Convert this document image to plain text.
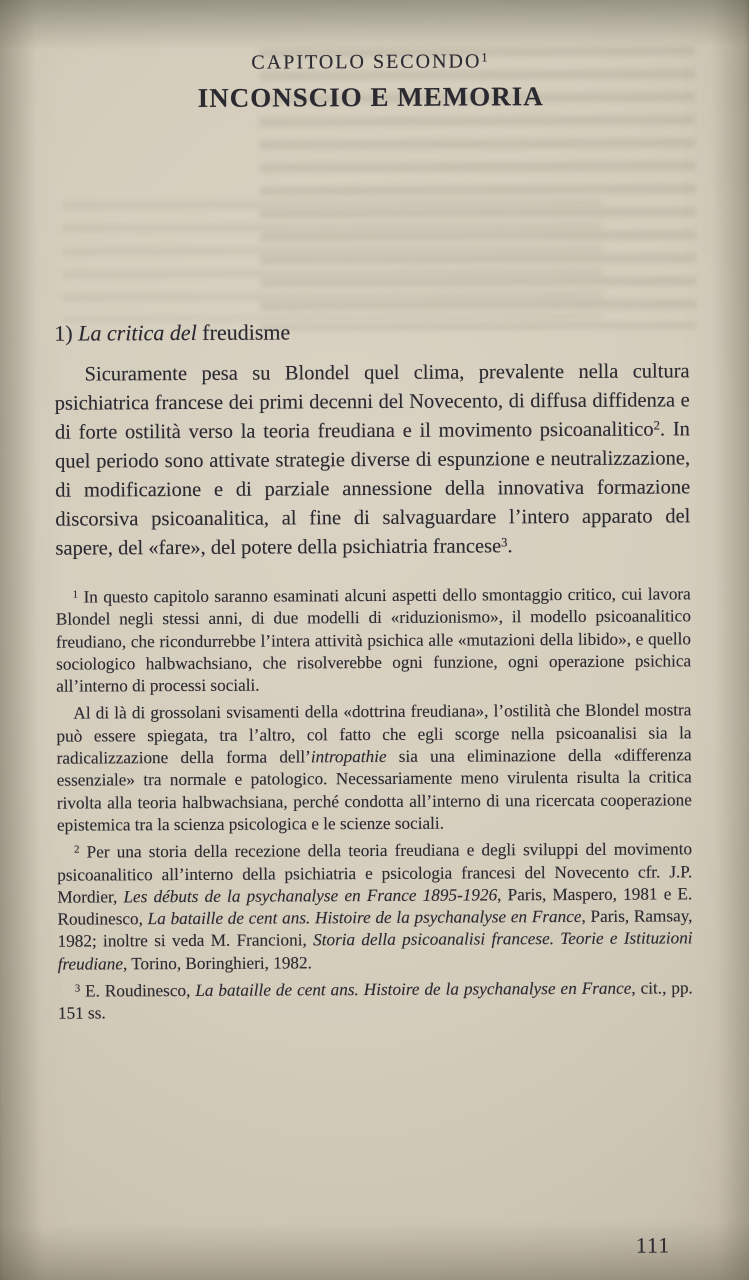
CAPITOLO SECONDO$^1$
INCONSCIO E MEMORIA
1) La critica del freudisme

Sicuramente pesa su Blondel quel clima, prevalente nella cultura psichiatrica francese dei primi decenni del Novecento, di diffusa diffidenza e di forte ostilità verso la teoria freudiana e il movimento psicoanalitico$^2$. In quel periodo sono attivate strategie diverse di espunzione e neutralizzazione, di modificazione e di parziale annessione della innovativa formazione discorsiva psicoanalitica, al fine di salvaguardare l’intero apparato del sapere, del «fare», del potere della psichiatria francese$^3$.

$^1$ In questo capitolo saranno esaminati alcuni aspetti dello smontaggio critico, cui lavora Blondel negli stessi anni, di due modelli di «riduzionismo», il modello psicoanalitico freudiano, che ricondurrebbe l’intera attività psichica alle «mutazioni della libido», e quello sociologico halbwachsiano, che risolverebbe ogni funzione, ogni operazione psichica all’interno di processi sociali.

Al di là di grossolani svisamenti della «dottrina freudiana», l’ostilità che Blondel mostra può essere spiegata, tra l’altro, col fatto che egli scorge nella psicoanalisi sia la radicalizzazione della forma dell’intropathie sia una eliminazione della «differenza essenziale» tra normale e patologico. Necessariamente meno virulenta risulta la critica rivolta alla teoria halbwachsiana, perché condotta all’interno di una ricercata cooperazione epistemica tra la scienza psicologica e le scienze sociali.

$^2$ Per una storia della recezione della teoria freudiana e degli sviluppi del movimento psicoanalitico all’interno della psichiatria e psicologia francesi del Novecento cfr. J.P. Mordier, Les débuts de la psychanalyse en France 1895-1926, Paris, Maspero, 1981 e E. Roudinesco, La bataille de cent ans. Histoire de la psychanalyse en France, Paris, Ramsay, 1982; inoltre si veda M. Francioni, Storia della psicoanalisi francese. Teorie e Istituzioni freudiane, Torino, Boringhieri, 1982.

$^3$ E. Roudinesco, La bataille de cent ans. Histoire de la psychanalyse en France, cit., pp. 151 ss.

111
